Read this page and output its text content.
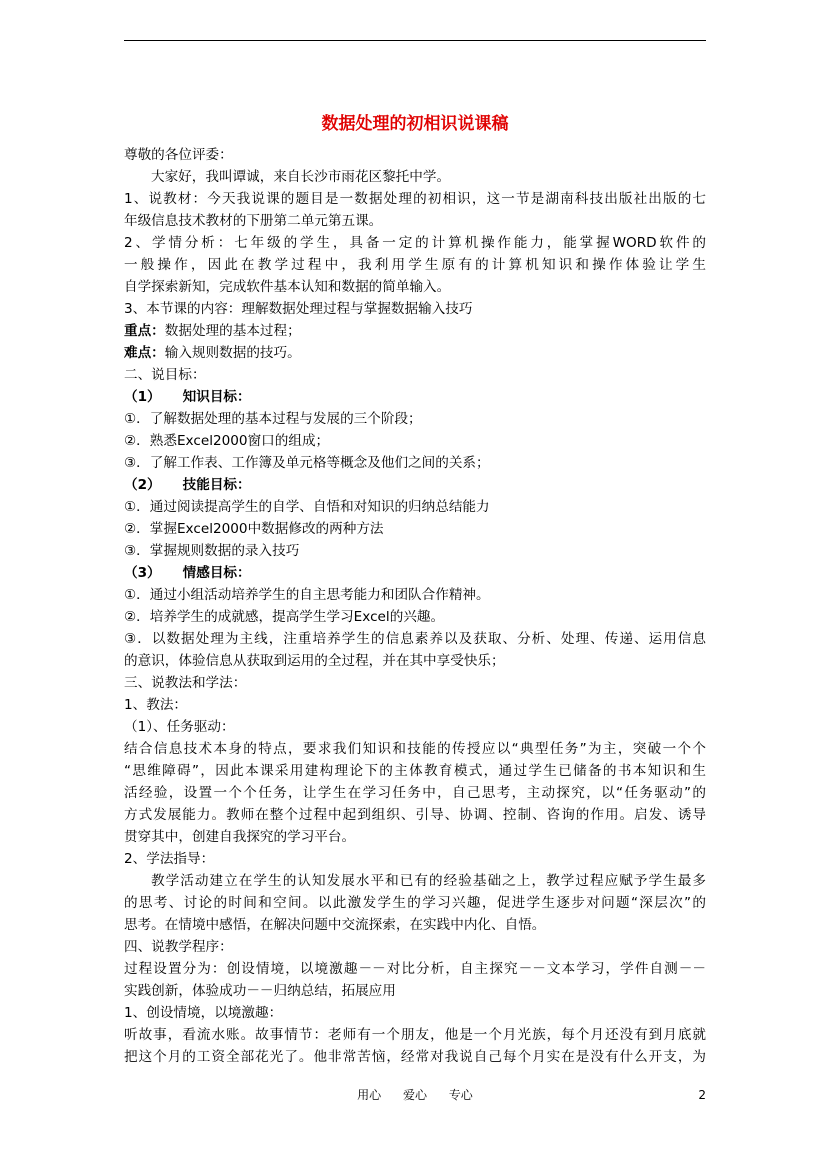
数据处理的初相识说课稿
尊敬的各位评委：
大家好，我叫谭诚，来自长沙市雨花区黎托中学。
1、说教材：今天我说课的题目是一数据处理的初相识，这一节是湖南科技出版社出版的七
年级信息技术教材的下册第二单元第五课。
2、学情分析：七年级的学生，具备一定的计算机操作能力，能掌握WORD软件的
一般操作，因此在教学过程中，我利用学生原有的计算机知识和操作体验让学生
自学探索新知，完成软件基本认知和数据的简单输入。
3、本节课的内容：理解数据处理过程与掌握数据输入技巧
重点：数据处理的基本过程；
难点：输入规则数据的技巧。
二、说目标：
（1） 知识目标：
①．了解数据处理的基本过程与发展的三个阶段；
②．熟悉Excel2000窗口的组成；
③．了解工作表、工作簿及单元格等概念及他们之间的关系；
（2） 技能目标：
①．通过阅读提高学生的自学、自悟和对知识的归纳总结能力
②．掌握Excel2000中数据修改的两种方法
③．掌握规则数据的录入技巧
（3） 情感目标：
①．通过小组活动培养学生的自主思考能力和团队合作精神。
②．培养学生的成就感，提高学生学习Excel的兴趣。
③．以数据处理为主线，注重培养学生的信息素养以及获取、分析、处理、传递、运用信息
的意识，体验信息从获取到运用的全过程，并在其中享受快乐；
三、说教法和学法：
1、教法：
（1）、任务驱动：
结合信息技术本身的特点，要求我们知识和技能的传授应以“典型任务”为主，突破一个个
“思维障碍”，因此本课采用建构理论下的主体教育模式，通过学生已储备的书本知识和生
活经验，设置一个个任务，让学生在学习任务中，自己思考，主动探究，以“任务驱动”的
方式发展能力。教师在整个过程中起到组织、引导、协调、控制、咨询的作用。启发、诱导
贯穿其中，创建自我探究的学习平台。
2、学法指导：
教学活动建立在学生的认知发展水平和已有的经验基础之上，教学过程应赋予学生最多
的思考、讨论的时间和空间。以此激发学生的学习兴趣，促进学生逐步对问题“深层次”的
思考。在情境中感悟，在解决问题中交流探索，在实践中内化、自悟。
四、说教学程序：
过程设置分为：创设情境，以境激趣－－对比分析，自主探究－－文本学习，学件自测－－
实践创新，体验成功－－归纳总结，拓展应用
1、创设情境，以境激趣：
听故事，看流水账。故事情节：老师有一个朋友，他是一个月光族，每个月还没有到月底就
把这个月的工资全部花光了。他非常苦恼，经常对我说自己每个月实在是没有什么开支，为
用心 爱心 专心	2
